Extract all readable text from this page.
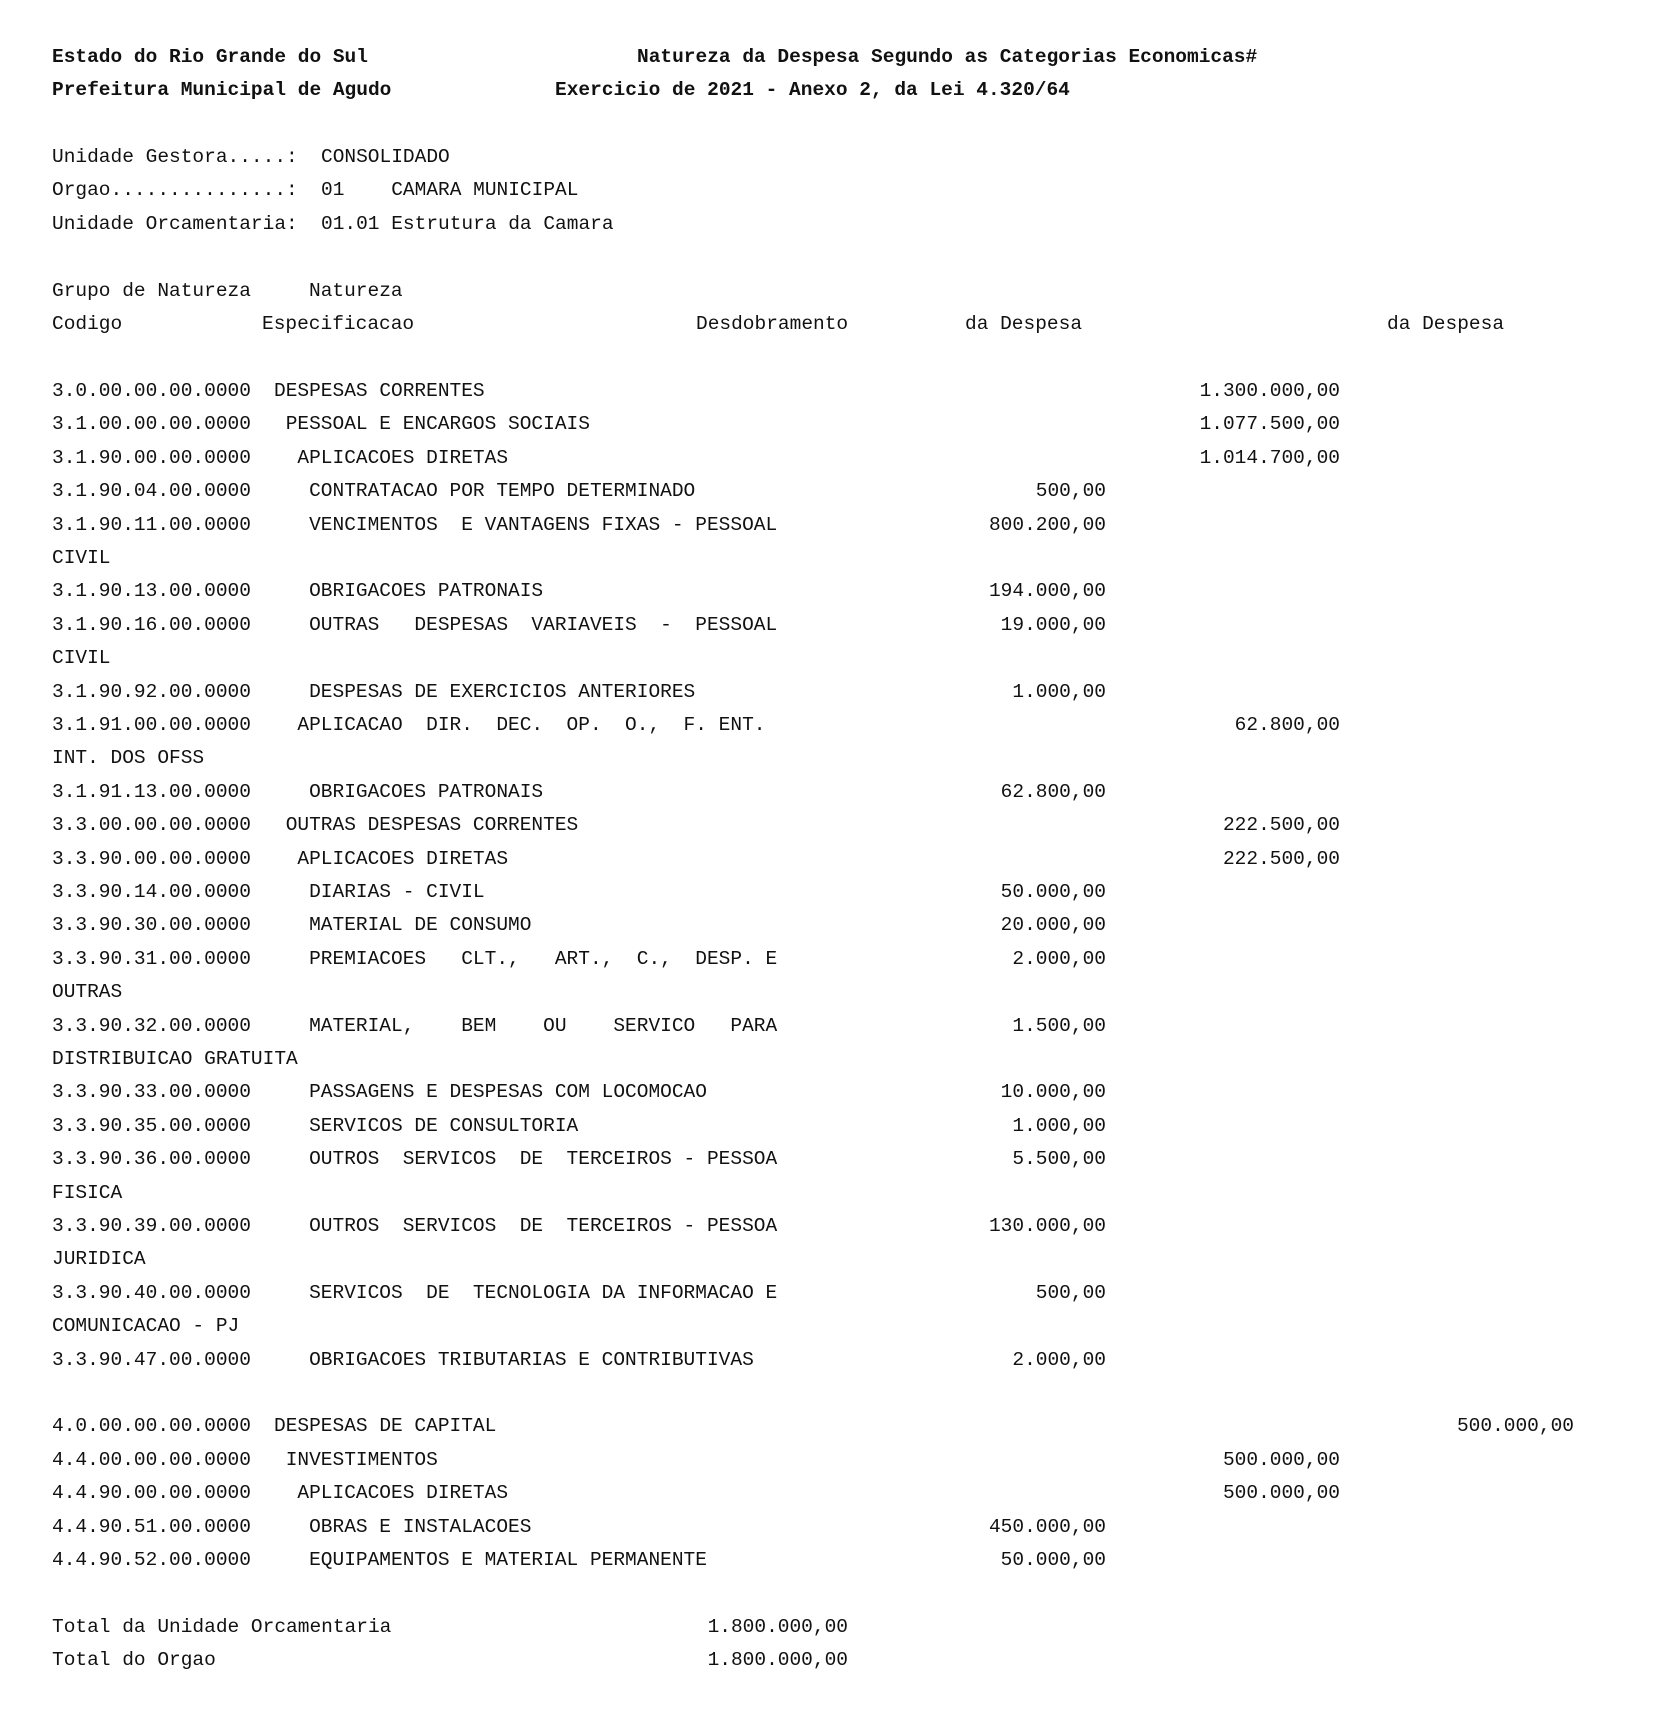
Estado do Rio Grande do Sul
Prefeitura Municipal de Agudo
Natureza da Despesa Segundo as Categorias Economicas#
Exercicio de 2021 - Anexo 2, da Lei 4.320/64
Unidade Gestora.....: CONSOLIDADO
Orgao...............: 01    CAMARA MUNICIPAL
Unidade Orcamentaria: 01.01 Estrutura da Camara
Grupo de Natureza	Natureza
Codigo	Especificacao	Desdobramento	da Despesa	da Despesa
3.0.00.00.00.0000 DESPESAS CORRENTES	1.300.000,00
3.1.00.00.00.0000 PESSOAL E ENCARGOS SOCIAIS	1.077.500,00
3.1.90.00.00.0000 APLICACOES DIRETAS	1.014.700,00
3.1.90.04.00.0000	CONTRATACAO POR TEMPO DETERMINADO	500,00
3.1.90.11.00.0000	VENCIMENTOS  E VANTAGENS FIXAS - PESSOAL	800.200,00
CIVIL
3.1.90.13.00.0000	OBRIGACOES PATRONAIS	194.000,00
3.1.90.16.00.0000	OUTRAS   DESPESAS  VARIAVEIS  -  PESSOAL	19.000,00
CIVIL
3.1.90.92.00.0000	DESPESAS DE EXERCICIOS ANTERIORES	1.000,00
3.1.91.00.00.0000 APLICACAO  DIR.  DEC.  OP.  O.,  F. ENT.	62.800,00
INT. DOS OFSS
3.1.91.13.00.0000	OBRIGACOES PATRONAIS	62.800,00
3.3.00.00.00.0000 OUTRAS DESPESAS CORRENTES	222.500,00
3.3.90.00.00.0000 APLICACOES DIRETAS	222.500,00
3.3.90.14.00.0000	DIARIAS - CIVIL	50.000,00
3.3.90.30.00.0000	MATERIAL DE CONSUMO	20.000,00
3.3.90.31.00.0000	PREMIACOES   CLT.,   ART.,  C.,  DESP. E	2.000,00
OUTRAS
3.3.90.32.00.0000	MATERIAL,    BEM    OU    SERVICO   PARA	1.500,00
DISTRIBUICAO GRATUITA
3.3.90.33.00.0000	PASSAGENS E DESPESAS COM LOCOMOCAO	10.000,00
3.3.90.35.00.0000	SERVICOS DE CONSULTORIA	1.000,00
3.3.90.36.00.0000	OUTROS  SERVICOS  DE  TERCEIROS - PESSOA	5.500,00
FISICA
3.3.90.39.00.0000	OUTROS  SERVICOS  DE  TERCEIROS - PESSOA	130.000,00
JURIDICA
3.3.90.40.00.0000	SERVICOS  DE  TECNOLOGIA DA INFORMACAO E	500,00
COMUNICACAO - PJ
3.3.90.47.00.0000	OBRIGACOES TRIBUTARIAS E CONTRIBUTIVAS	2.000,00
4.0.00.00.00.0000 DESPESAS DE CAPITAL	500.000,00
4.4.00.00.00.0000 INVESTIMENTOS	500.000,00
4.4.90.00.00.0000 APLICACOES DIRETAS	500.000,00
4.4.90.51.00.0000	OBRAS E INSTALACOES	450.000,00
4.4.90.52.00.0000	EQUIPAMENTOS E MATERIAL PERMANENTE	50.000,00
Total da Unidade Orcamentaria	1.800.000,00
Total do Orgao	1.800.000,00
